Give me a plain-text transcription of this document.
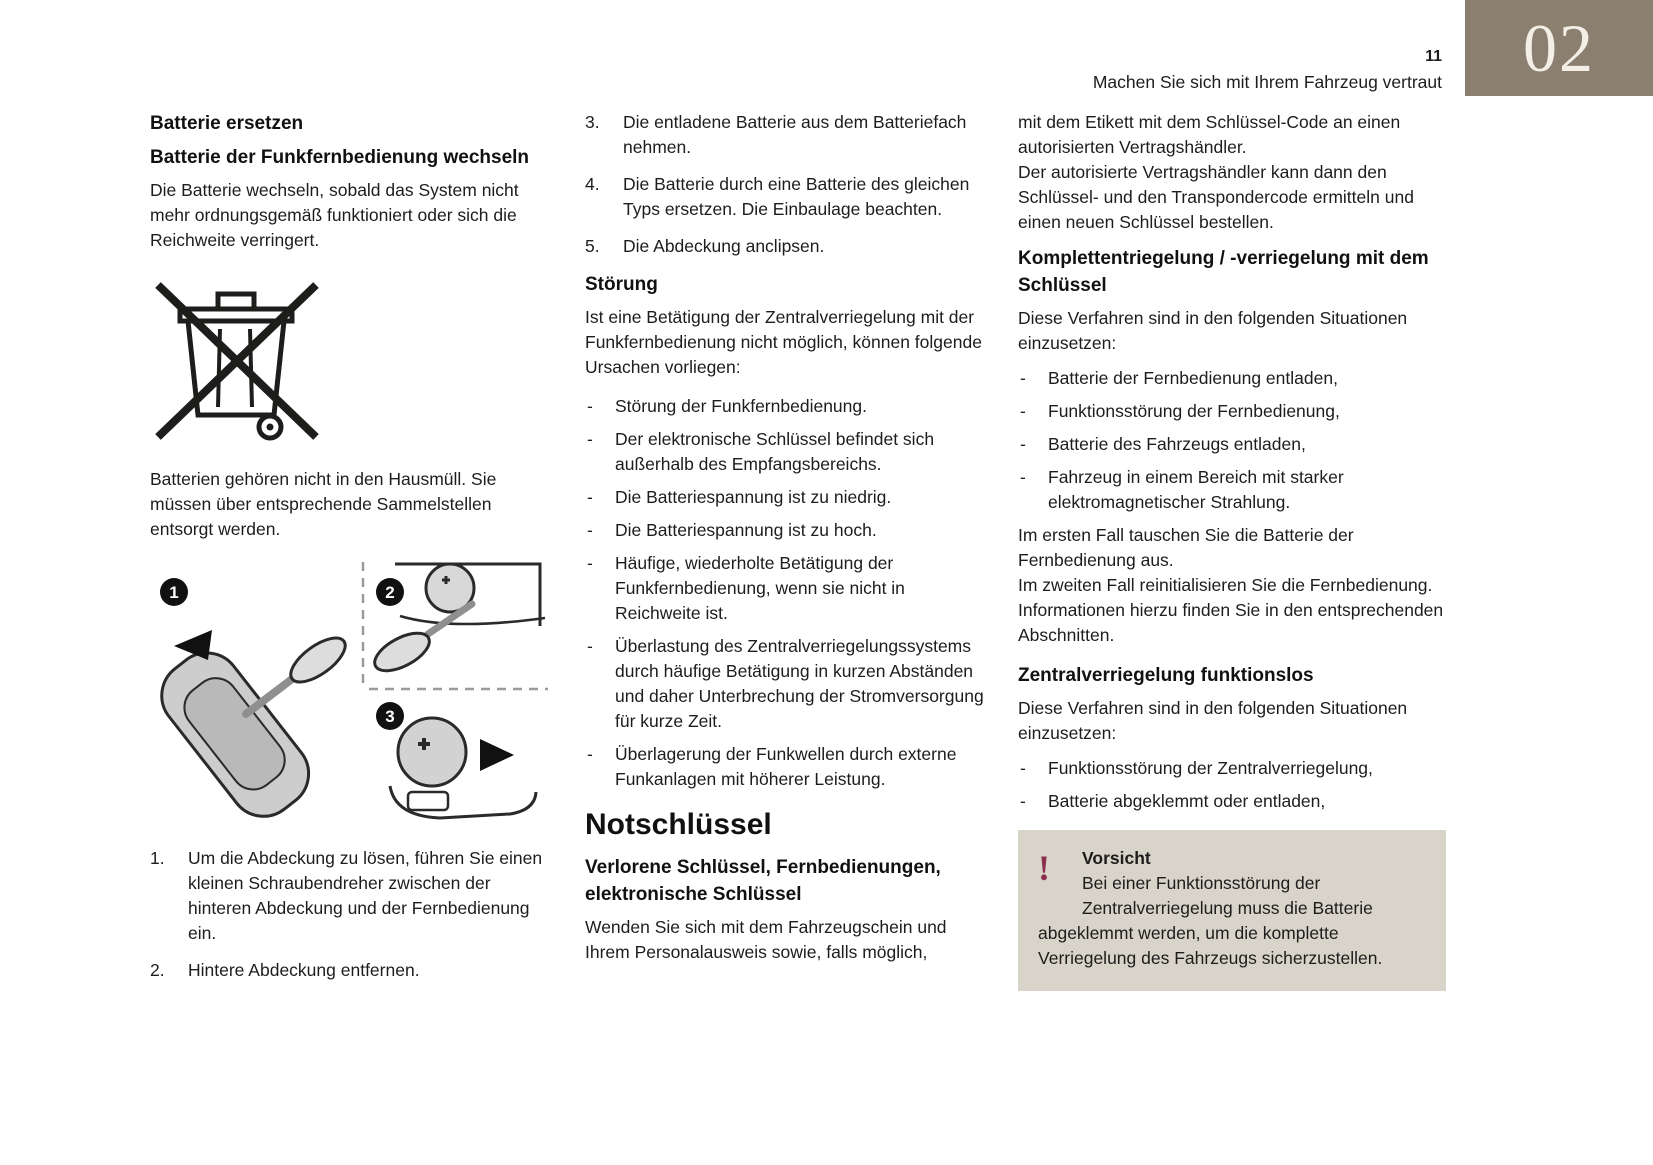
02
11
Machen Sie sich mit Ihrem Fahrzeug vertraut
Batterie ersetzen
Batterie der Funkfernbedienung wechseln

Die Batterie wechseln, sobald das System nicht mehr ordnungsgemäß funktioniert oder sich die Reichweite verringert.

Batterien gehören nicht in den Hausmüll. Sie müssen über entsprechende Sammelstellen entsorgt werden.

1	2
3
1.	Um die Abdeckung zu lösen, führen Sie einen kleinen Schraubendreher zwischen der hinteren Abdeckung und der Fernbedienung ein.
2.	Hintere Abdeckung entfernen.
3.	Die entladene Batterie aus dem Batteriefach nehmen.
4.	Die Batterie durch eine Batterie des gleichen Typs ersetzen. Die Einbaulage beachten.
5.	Die Abdeckung anclipsen.
Störung

Ist eine Betätigung der Zentralverriegelung mit der Funkfernbedienung nicht möglich, können folgende Ursachen vorliegen:

- Störung der Funkfernbedienung.
- Der elektronische Schlüssel befindet sich außerhalb des Empfangsbereichs.
- Die Batteriespannung ist zu niedrig.
- Die Batteriespannung ist zu hoch.
- Häufige, wiederholte Betätigung der Funkfernbedienung, wenn sie nicht in Reichweite ist.
- Überlastung des Zentralverriegelungssystems durch häufige Betätigung in kurzen Abständen und daher Unterbrechung der Stromversorgung für kurze Zeit.
- Überlagerung der Funkwellen durch externe Funkanlagen mit höherer Leistung.
Notschlüssel
Verlorene Schlüssel, Fernbedienungen, elektronische Schlüssel

Wenden Sie sich mit dem Fahrzeugschein und Ihrem Personalausweis sowie, falls möglich,

mit dem Etikett mit dem Schlüssel-Code an einen autorisierten Vertragshändler.

Der autorisierte Vertragshändler kann dann den Schlüssel- und den Transpondercode ermitteln und einen neuen Schlüssel bestellen.

Komplettentriegelung / -verriegelung mit dem Schlüssel

Diese Verfahren sind in den folgenden Situationen einzusetzen:

- Batterie der Fernbedienung entladen,
- Funktionsstörung der Fernbedienung,
- Batterie des Fahrzeugs entladen,
- Fahrzeug in einem Bereich mit starker elektromagnetischer Strahlung.

Im ersten Fall tauschen Sie die Batterie der Fernbedienung aus.

Im zweiten Fall reinitialisieren Sie die Fernbedienung.

Informationen hierzu finden Sie in den entsprechenden Abschnitten.

Zentralverriegelung funktionslos

Diese Verfahren sind in den folgenden Situationen einzusetzen:

- Funktionsstörung der Zentralverriegelung,
- Batterie abgeklemmt oder entladen,
!	Vorsicht

Bei einer Funktionsstörung der Zentralverriegelung muss die Batterie abgeklemmt werden, um die komplette Verriegelung des Fahrzeugs sicherzustellen.
